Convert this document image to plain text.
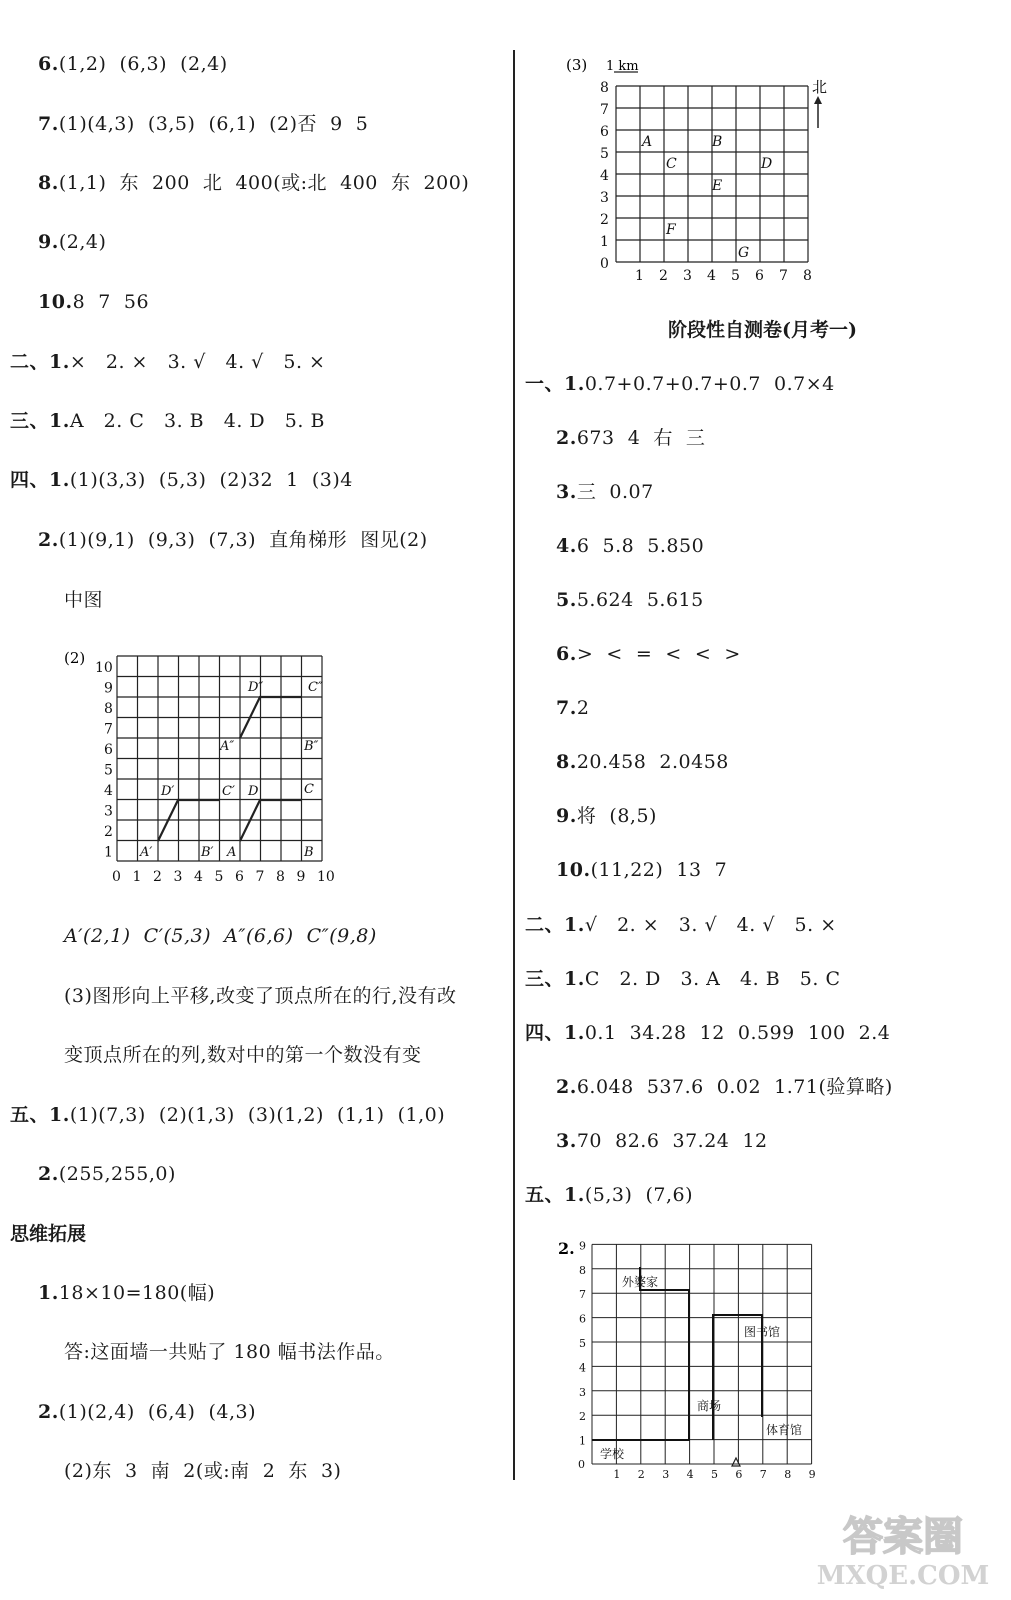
6.(1,2)  (6,3)  (2,4)
7.(1)(4,3)  (3,5)  (6,1)  (2)否  9  5
8.(1,1)  东  200  北  400(或:北  400  东  200)
9.(2,4)
10.8  7  56
二、1.×   2. ×   3. √   4. √   5. ×
三、1.A   2. C   3. B   4. D   5. B
四、1.(1)(3,3)  (5,3)  (2)32  1  (3)4
2.(1)(9,1)  (9,3)  (7,3)  直角梯形  图见(2)
中图
(2)
0 1 2 3 4 5 6 7 8 9 10
1
2
3
4
5
6
7
8
9
10
A′	B′
C′
D′
A	B
C
D
A″	B″
C″
D″
A′(2,1)  C′(5,3)  A″(6,6)  C″(9,8)
(3)图形向上平移,改变了顶点所在的行,没有改
变顶点所在的列,数对中的第一个数没有变
五、1.(1)(7,3)  (2)(1,3)  (3)(1,2)  (1,1)  (1,0)
2.(255,255,0)
思维拓展
1.18×10=180(幅)
答:这面墙一共贴了 180 幅书法作品。
2.(1)(2,4)  (6,4)  (4,3)
(2)东  3  南  2(或:南  2  东  3)
(3) 1 km
1 2 3 4 5 6 7 8
0
1
2
3
4
5
6
7
8	北
A	B
C	D
E
F
G
阶段性自测卷(月考一)
一、1.0.7+0.7+0.7+0.7  0.7×4
2.673  4  右  三
3.三  0.07
4.6  5.8  5.850
5.5.624  5.615
6.>  <  =  <  <  >
7.2
8.20.458  2.0458
9.将  (8,5)
10.(11,22)  13  7
二、1.√   2. ×   3. √   4. √   5. ×
三、1.C   2. D   3. A   4. B   5. C
四、1.0.1  34.28  12  0.599  100  2.4
2.6.048  537.6  0.02  1.71(验算略)
3.70  82.6  37.24  12
五、1.(5,3)  (7,6)
2.
0
1 2 3 4 5 6 7 8 9
1
2
3
4
5
6
7
8
9
外婆家
图书馆
商场
体育馆
学校
答案圈
MXQE.COM
